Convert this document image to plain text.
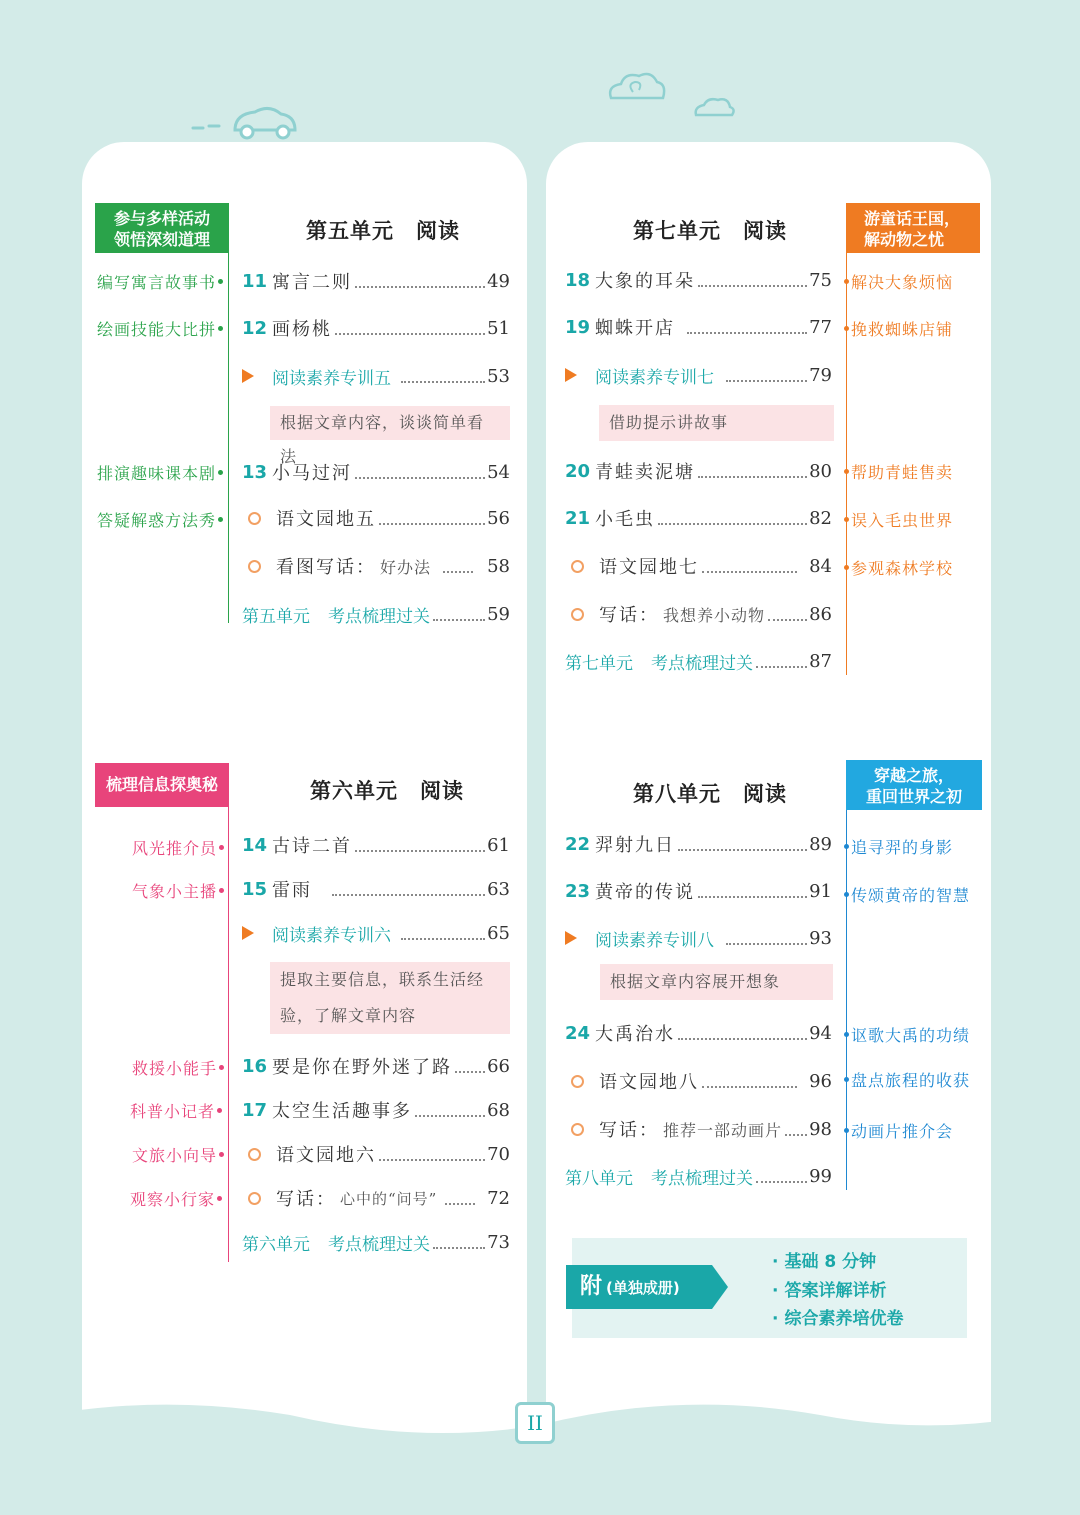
参与多样活动
领悟深刻道理	第五单元　阅读
编写寓言故事书
绘画技能大比拼
排演趣味课本剧
答疑解惑方法秀
11 寓言二则	49
12 画杨桃	51
阅读素养专训五	53
根据文章内容，谈谈简单看法
13 小马过河	54
语文园地五	56
看图写话： 好办法	58
第五单元 考点梳理过关	59
梳理信息探奥秘	第六单元　阅读
风光推介员
气象小主播
救援小能手
科普小记者
文旅小向导
观察小行家
14 古诗二首	61
15 雷雨	63
阅读素养专训六	65
提取主要信息，联系生活经验，了解文章内容
16 要是你在野外迷了路 66
17 太空生活趣事多	68
语文园地六	70
写话： 心中的“问号”	72
第六单元 考点梳理过关	73
第七单元　阅读
游童话王国，
解动物之忧
解决大象烦恼
挽救蜘蛛店铺
帮助青蛙售卖
误入毛虫世界
参观森林学校
18 大象的耳朵	75
19 蜘蛛开店	77
阅读素养专训七	79
借助提示讲故事
20 青蛙卖泥塘	80
21 小毛虫	82
语文园地七	84
写话： 我想养小动物 86
第七单元 考点梳理过关	87
第八单元　阅读
穿越之旅，
重回世界之初
追寻羿的身影
传颂黄帝的智慧
讴歌大禹的功绩
盘点旅程的收获
动画片推介会
22 羿射九日	89
23 黄帝的传说	91
阅读素养专训八	93
根据文章内容展开想象
24 大禹治水	94
语文园地八	96
写话： 推荐一部动画片 98
第八单元 考点梳理过关	99
附 (单独成册)
· 基础 8 分钟
· 答案详解详析
· 综合素养培优卷
II
